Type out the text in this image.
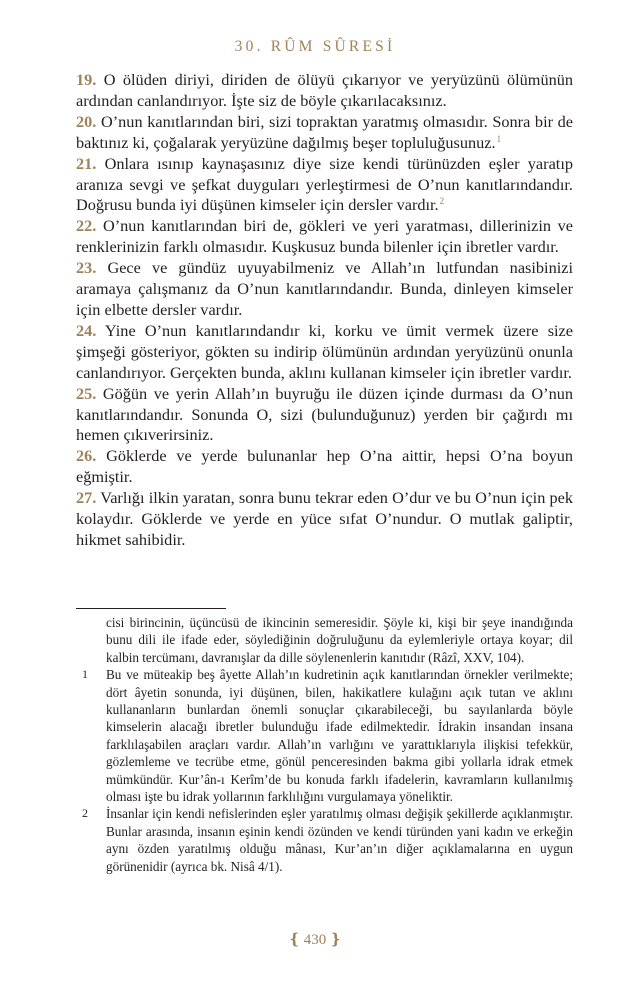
30. RÛM SÛRESİ

19. O ölüden diriyi, diriden de ölüyü çıkarıyor ve yeryüzünü ölümünün ardından canlandırıyor. İşte siz de böyle çıkarılacaksınız.

20. O’nun kanıtlarından biri, sizi topraktan yaratmış olmasıdır. Sonra bir de baktınız ki, çoğalarak yeryüzüne dağılmış beşer topluluğusunuz.$^1$

21. Onlara ısınıp kaynaşasınız diye size kendi türünüzden eşler yaratıp aranıza sevgi ve şefkat duyguları yerleştirmesi de O’nun kanıtlarındandır. Doğrusu bunda iyi düşünen kimseler için dersler vardır.$^2$

22. O’nun kanıtlarından biri de, gökleri ve yeri yaratması, dillerinizin ve renklerinizin farklı olmasıdır. Kuşkusuz bunda bilenler için ibretler vardır.

23. Gece ve gündüz uyuyabilmeniz ve Allah’ın lutfundan nasibinizi aramaya çalışmanız da O’nun kanıtlarındandır. Bunda, dinleyen kimseler için elbette dersler vardır.

24. Yine O’nun kanıtlarındandır ki, korku ve ümit vermek üzere size şimşeği gösteriyor, gökten su indirip ölümünün ardından yeryüzünü onunla canlandırıyor. Gerçekten bunda, aklını kullanan kimseler için ibretler vardır.

25. Göğün ve yerin Allah’ın buyruğu ile düzen içinde durması da O’nun kanıtlarındandır. Sonunda O, sizi (bulunduğunuz) yerden bir çağırdı mı hemen çıkıverirsiniz.

26. Göklerde ve yerde bulunanlar hep O’na aittir, hepsi O’na boyun eğmiştir.

27. Varlığı ilkin yaratan, sonra bunu tekrar eden O’dur ve bu O’nun için pek kolaydır. Göklerde ve yerde en yüce sıfat O’nundur. O mutlak galiptir, hikmet sahibidir.

cisi birincinin, üçüncüsü de ikincinin semeresidir. Şöyle ki, kişi bir şeye inandığında bunu dili ile ifade eder, söylediğinin doğruluğunu da eylemleriyle ortaya koyar; dil kalbin tercümanı, davranışlar da dille söylenenlerin kanıtıdır (Râzî, XXV, 104).

1	Bu ve müteakip beş âyette Allah’ın kudretinin açık kanıtlarından örnekler verilmekte; dört âyetin sonunda, iyi düşünen, bilen, hakikatlere kulağını açık tutan ve aklını kullananların bunlardan önemli sonuçlar çıkarabileceği, bu sayılanlarda böyle kimselerin alacağı ibretler bulunduğu ifade edilmektedir. İdrakin insandan insana farklılaşabilen araçları vardır. Allah’ın varlığını ve yarattıklarıyla ilişkisi tefekkür, gözlemleme ve tecrübe etme, gönül penceresinden bakma gibi yollarla idrak etmek mümkündür. Kur’ân-ı Kerîm’de bu konuda farklı ifadelerin, kavramların kullanılmış olması işte bu idrak yollarının farklılığını vurgulamaya yöneliktir.

2	İnsanlar için kendi nefislerinden eşler yaratılmış olması değişik şekillerde açıklanmıştır. Bunlar arasında, insanın eşinin kendi özünden ve kendi türünden yani kadın ve erkeğin aynı özden yaratılmış olduğu mânası, Kur’an’ın diğer açıklamalarına en uygun görünenidir (ayrıca bk. Nisâ 4/1).

❴ 430 ❵
